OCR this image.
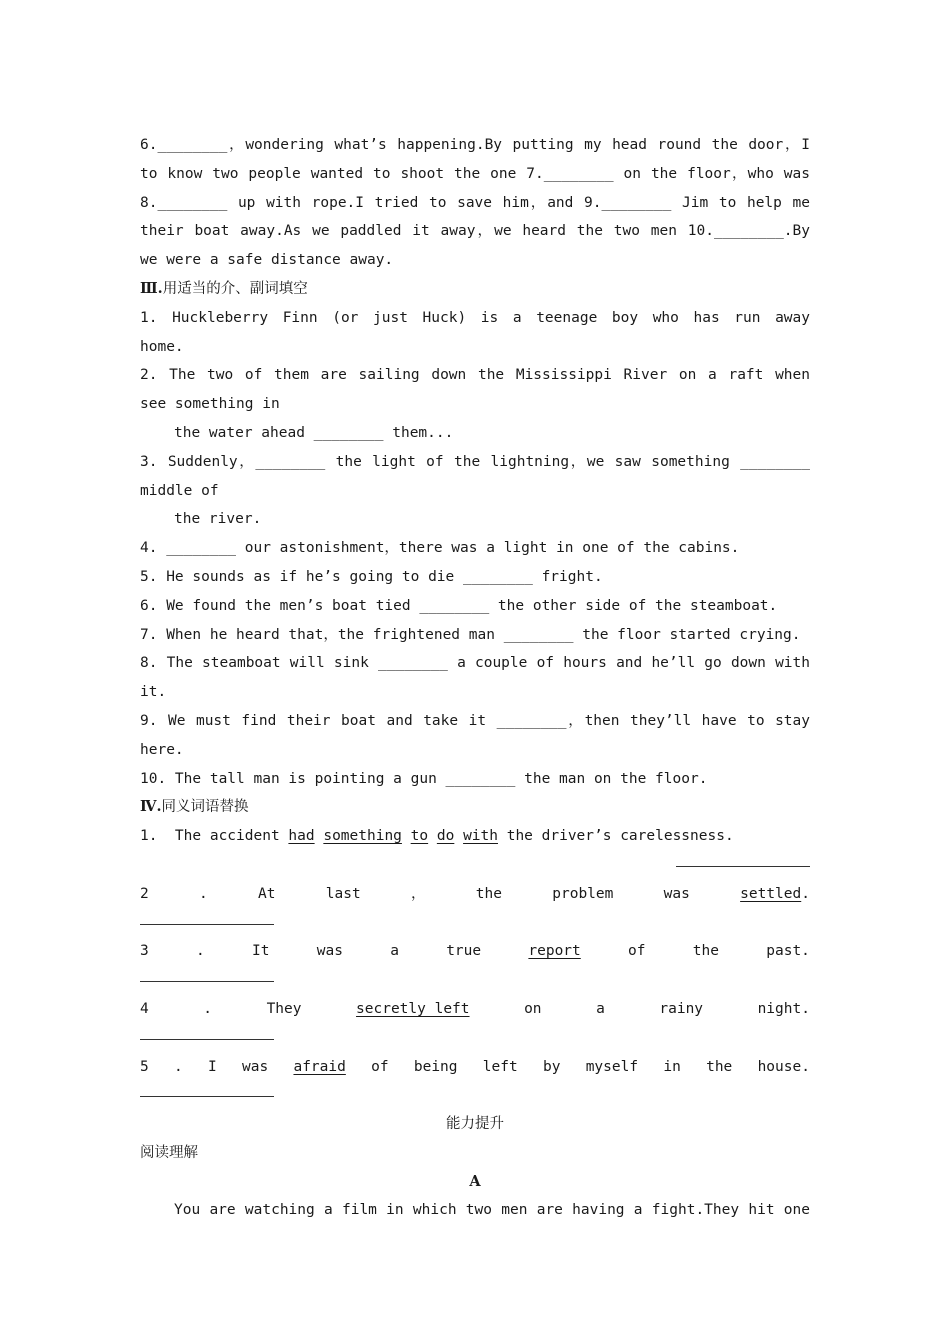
6.________，wondering what’s happening.By putting my head round the door，I
to know two people wanted to shoot the one 7.________ on the floor，who was
8.________ up with rope.I tried to save him，and 9.________ Jim to help me
their boat away.As we paddled it away，we heard the two men 10.________.By
we were a safe distance away.
Ⅲ.用适当的介、副词填空
1. Huckleberry Finn (or just Huck) is a teenage boy who has run away
home.
2. The two of them are sailing down the Mississippi River on a raft when
see something in
the water ahead ________ them...
3. Suddenly，________ the light of the lightning，we saw something ________
middle of
the river.
4. ________ our astonishment，there was a light in one of the cabins.
5. He sounds as if he’s going to die ________ fright.
6. We found the men’s boat tied ________ the other side of the steamboat.
7. When he heard that，the frightened man ________ the floor started crying.
8. The steamboat will sink ________ a couple of hours and he’ll go down with
it.
9. We must find their boat and take it ________，then they’ll have to stay
here.
10. The tall man is pointing a gun ________ the man on the floor.
Ⅳ.同义词语替换
1.  The accident had something to do with the driver’s carelessness.
2	.	At	last	，	the	problem	was	settled.
3	.	It	was	a	true	report	of	the	past.
4	.	They	secretly left	on	a	rainy	night.
5 . I was afraid of being left by myself in the house.
能力提升
阅读理解
A
You are watching a film in which two men are having a fight.They hit one
